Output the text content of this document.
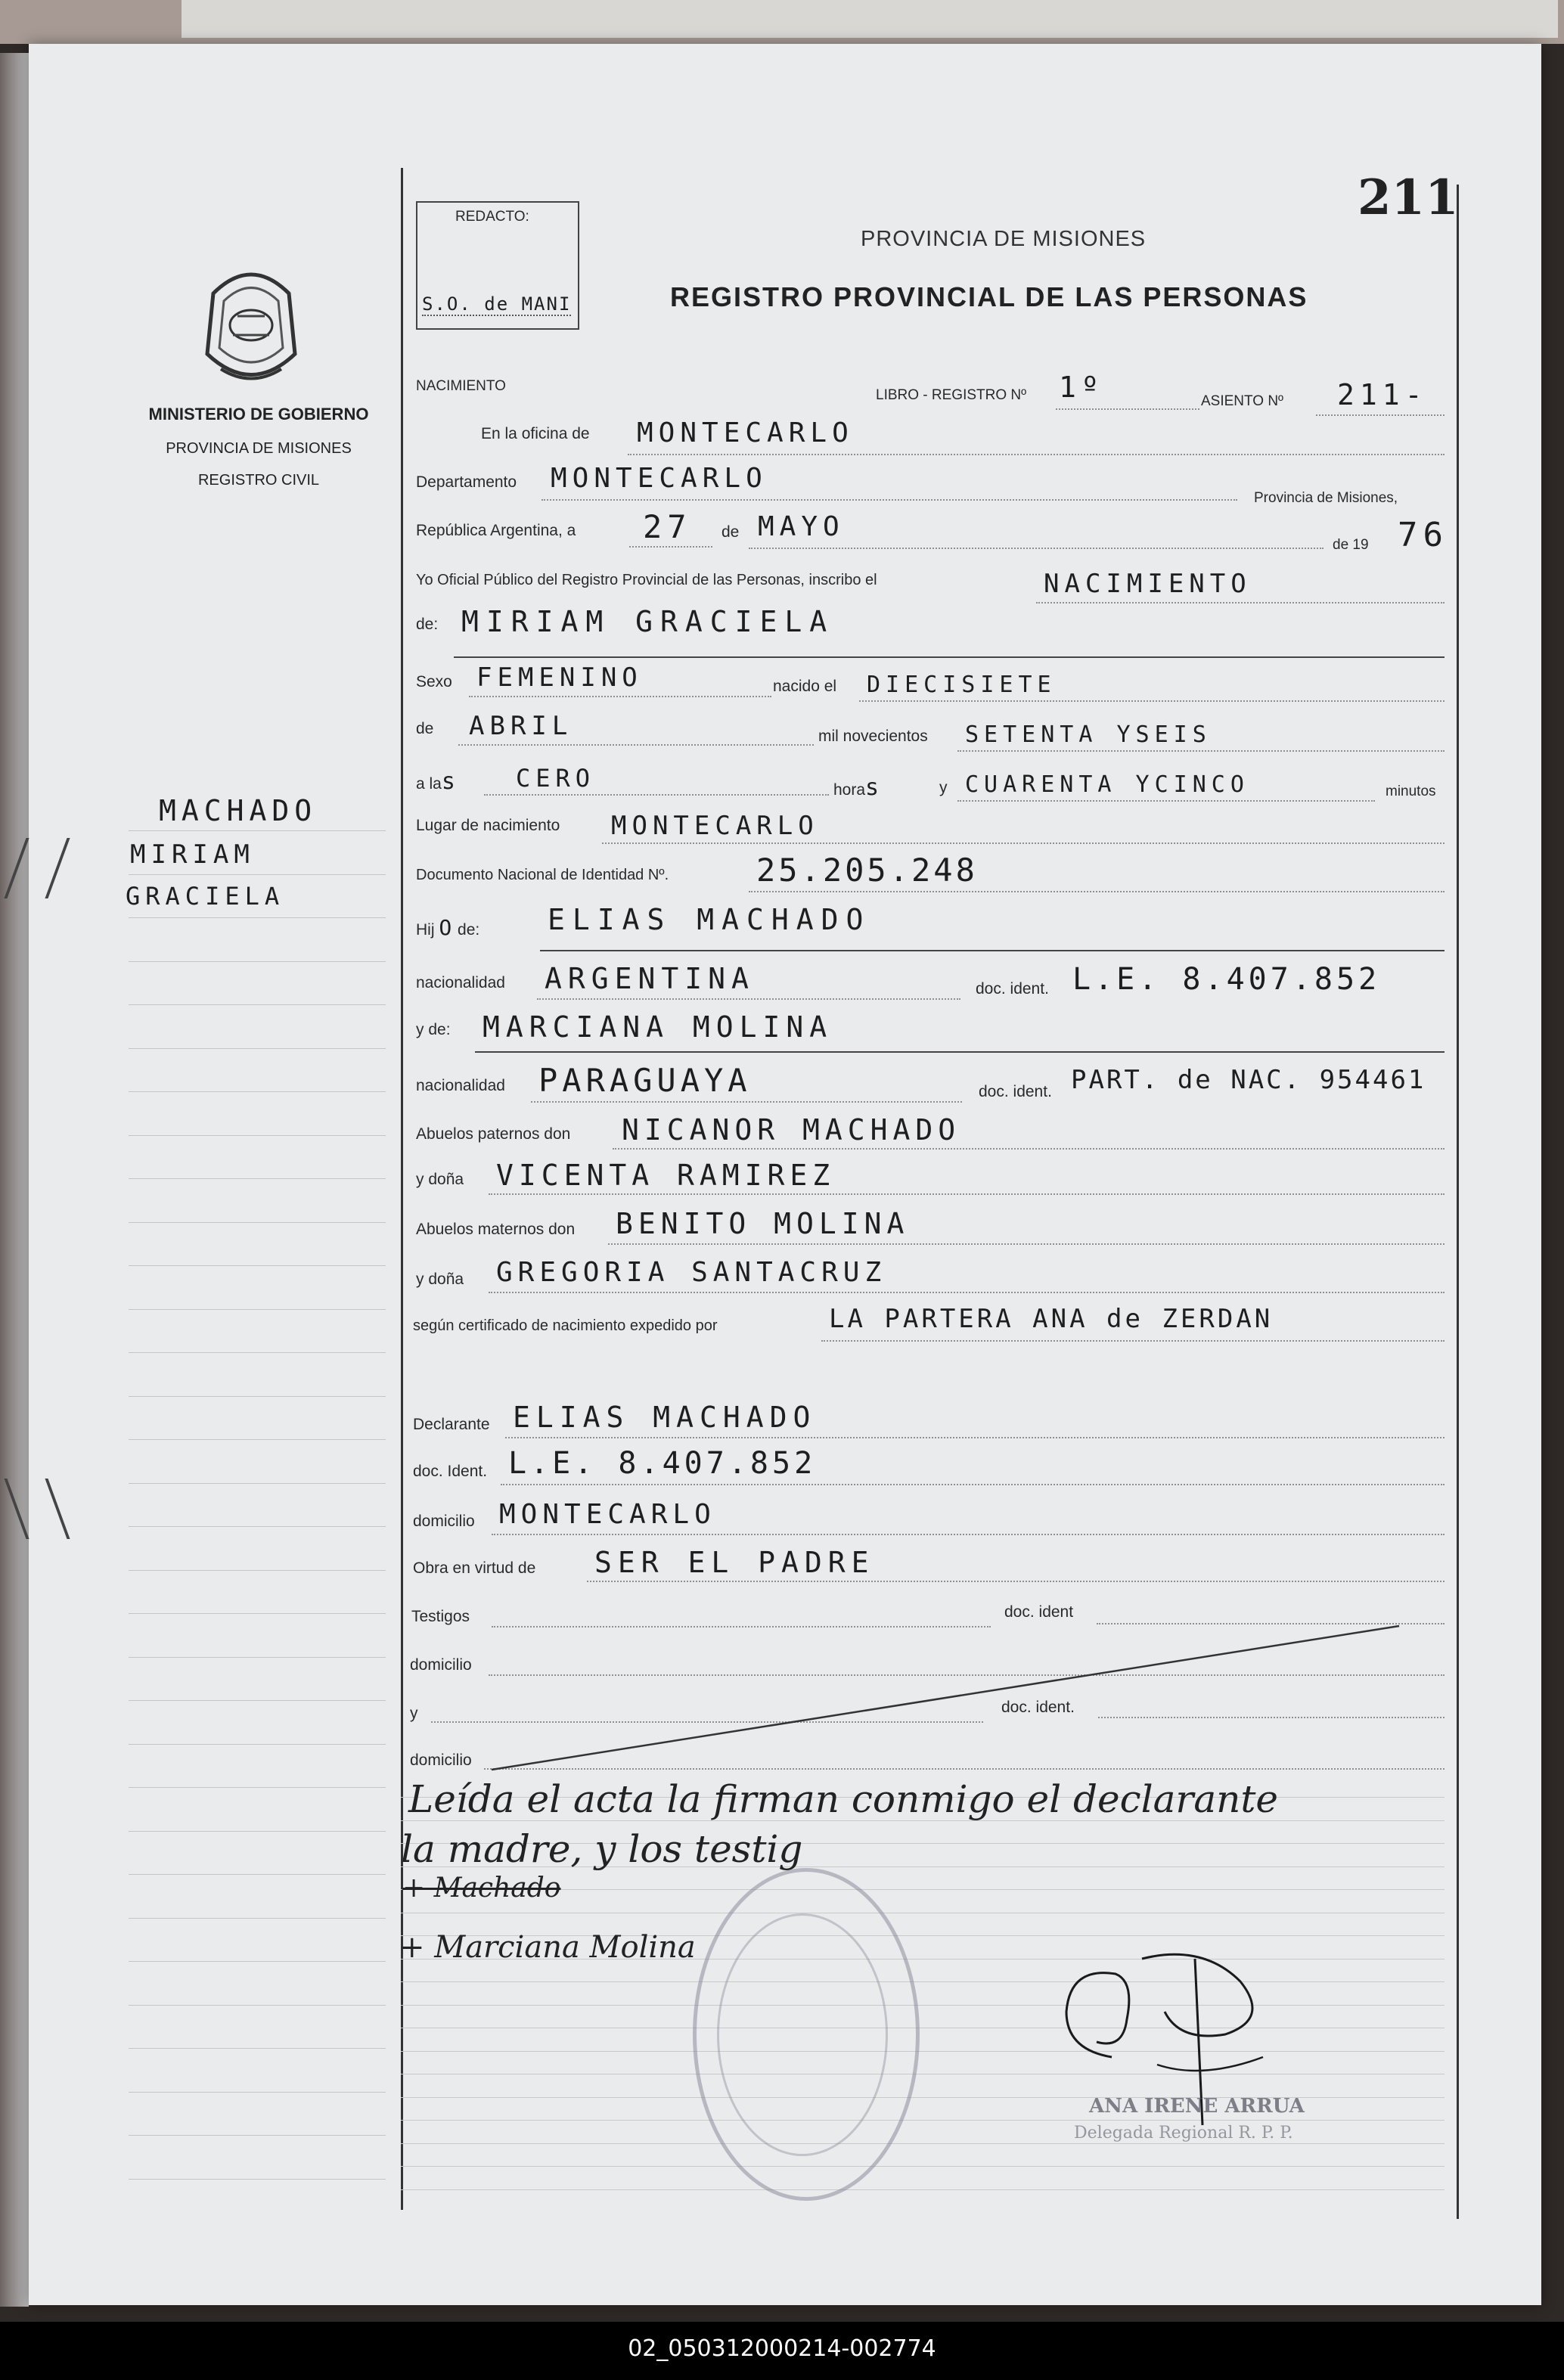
211
REDACTO:
S.O. de MANI
PROVINCIA DE MISIONES
REGISTRO PROVINCIAL DE LAS PERSONAS
MINISTERIO DE GOBIERNO
PROVINCIA DE MISIONES
REGISTRO CIVIL
MACHADO
MIRIAM
GRACIELA
NACIMIENTO
LIBRO - REGISTRO Nº 1º	ASIENTO Nº 211-
En la oficina de MONTECARLO
Departamento MONTECARLO
Provincia de Misiones,
República Argentina, a 27 de MAYO
de 19 76
Yo Oficial Público del Registro Provincial de las Personas, inscribo el	NACIMIENTO
de: MIRIAM GRACIELA
Sexo FEMENINO	nacido el DIECISIETE
de ABRIL	mil novecientos SETENTA YSEIS
a las CERO	horas	y CUARENTA YCINCO	minutos
Lugar de nacimiento MONTECARLO
Documento Nacional de Identidad Nº.	25.205.248
Hij O de: ELIAS MACHADO
nacionalidad ARGENTINA	doc. ident. L.E. 8.407.852
y de: MARCIANA MOLINA
nacionalidad PARAGUAYA	doc. ident. PART. de NAC. 954461
Abuelos paternos don NICANOR MACHADO
y doña VICENTA RAMIREZ
Abuelos maternos don BENITO MOLINA
y doña GREGORIA SANTACRUZ
según certificado de nacimiento expedido por	LA PARTERA ANA de ZERDAN
Declarante ELIAS MACHADO
doc. Ident. L.E. 8.407.852
domicilio MONTECARLO
Obra en virtud de SER EL PADRE
Testigos	doc. ident
domicilio
y	doc. ident.
domicilio
Leída el acta la firman conmigo el declarante
la madre, y los testig
+ Machado
+ Marciana Molina
ANA IRENE ARRUA
Delegada Regional R. P. P.
02_050312000214-002774
